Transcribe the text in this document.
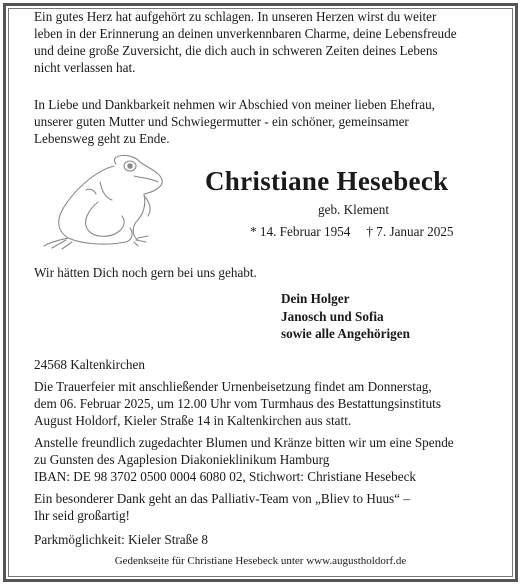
Ein gutes Herz hat aufgehört zu schlagen. In unseren Herzen wirst du weiter
leben in der Erinnerung an deinen unverkennbaren Charme, deine Lebensfreude
und deine große Zuversicht, die dich auch in schweren Zeiten deines Lebens
nicht verlassen hat.
In Liebe und Dankbarkeit nehmen wir Abschied von meiner lieben Ehefrau,
unserer guten Mutter und Schwiegermutter - ein schöner, gemeinsamer
Lebensweg geht zu Ende.
Christiane Hesebeck
geb. Klement
* 14. Februar 1954 † 7. Januar 2025
Wir hätten Dich noch gern bei uns gehabt.
Dein Holger
Janosch und Sofia
sowie alle Angehörigen
24568 Kaltenkirchen
Die Trauerfeier mit anschließender Urnenbeisetzung findet am Donnerstag,
dem 06. Februar 2025, um 12.00 Uhr vom Turmhaus des Bestattungsinstituts
August Holdorf, Kieler Straße 14 in Kaltenkirchen aus statt.
Anstelle freundlich zugedachter Blumen und Kränze bitten wir um eine Spende
zu Gunsten des Agaplesion Diakonieklinikum Hamburg
IBAN: DE 98 3702 0500 0004 6080 02, Stichwort: Christiane Hesebeck
Ein besonderer Dank geht an das Palliativ-Team von „Bliev to Huus“ –
Ihr seid großartig!
Parkmöglichkeit: Kieler Straße 8
Gedenkseite für Christiane Hesebeck unter www.augustholdorf.de
